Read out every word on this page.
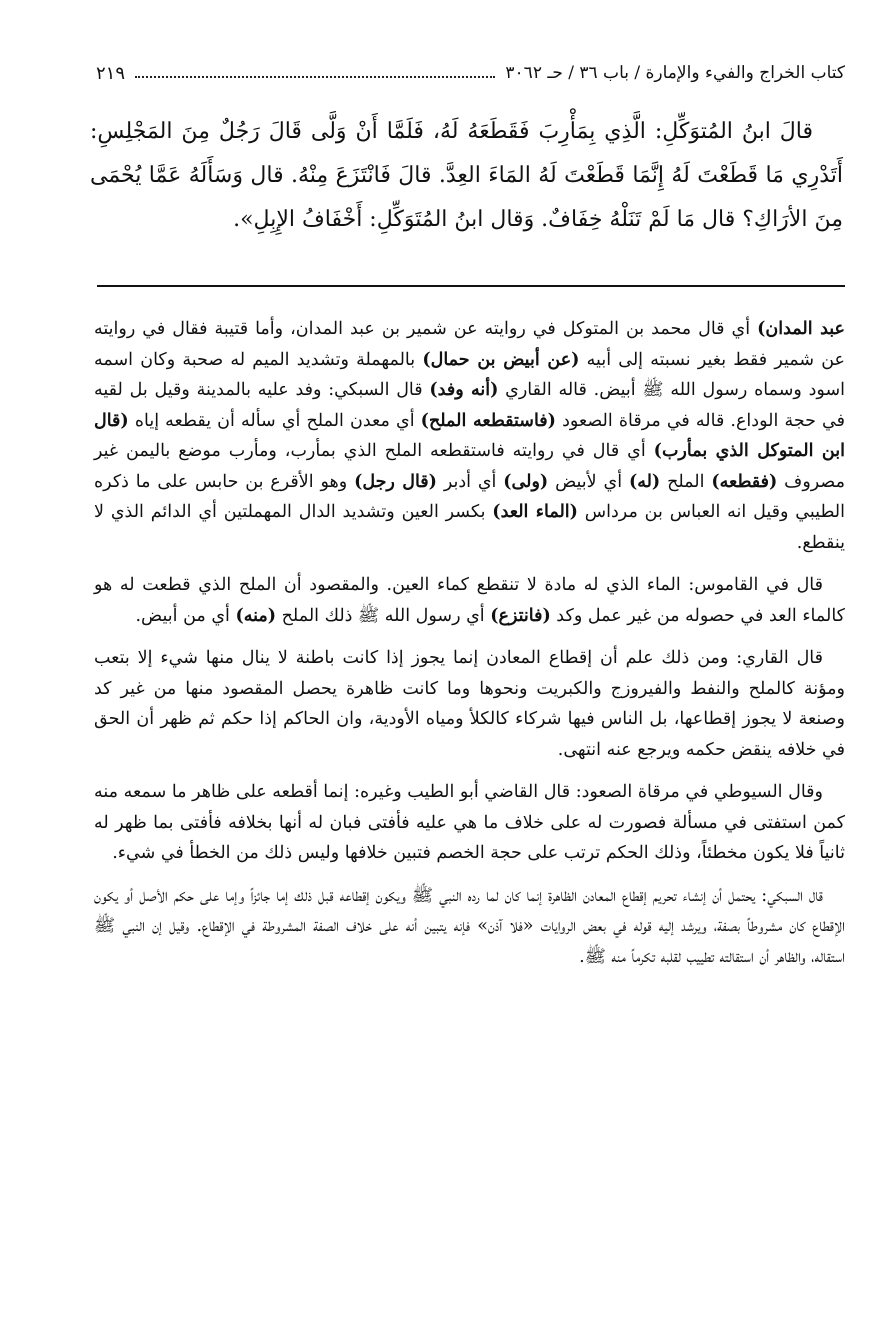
كتاب الخراج والفيء والإمارة / باب ٣٦ / حـ ٣٠٦٢
٢١٩

قالَ ابنُ المُتوَكِّلِ: الَّذِي بِمَأْرِبَ فَقَطَعَهُ لَهُ، فَلَمَّا أَنْ وَلَّى قَالَ رَجُلٌ مِنَ المَجْلِسِ: أَتَدْرِي مَا قَطَعْتَ لَهُ إِنَّمَا قَطَعْتَ لَهُ المَاءَ العِدَّ. قالَ فَانْتَزَعَ مِنْهُ. قال وَسَأَلَهُ عَمَّا يُحْمَى مِنَ الأرَاكِ؟ قال مَا لَمْ تَنَلْهُ خِفَافٌ. وَقال ابنُ المُتَوَكِّلِ: أَخْفَافُ الإِبِلِ».

عبد المدان) أي قال محمد بن المتوكل في روايته عن شمير بن عبد المدان، وأما قتيبة فقال في روايته عن شمير فقط بغير نسبته إلى أبيه (عن أبيض بن حمال) بالمهملة وتشديد الميم له صحبة وكان اسمه اسود وسماه رسول الله ﷺ أبيض. قاله القاري (أنه وفد) قال السبكي: وفد عليه بالمدينة وقيل بل لقيه في حجة الوداع. قاله في مرقاة الصعود (فاستقطعه الملح) أي معدن الملح أي سأله أن يقطعه إياه (قال ابن المتوكل الذي بمأرب) أي قال في روايته فاستقطعه الملح الذي بمأرب، ومأرب موضع باليمن غير مصروف (فقطعه) الملح (له) أي لأبيض (ولى) أي أدبر (قال رجل) وهو الأقرع بن حابس على ما ذكره الطيبي وقيل انه العباس بن مرداس (الماء العد) بكسر العين وتشديد الدال المهملتين أي الدائم الذي لا ينقطع.

قال في القاموس: الماء الذي له مادة لا تنقطع كماء العين. والمقصود أن الملح الذي قطعت له هو كالماء العد في حصوله من غير عمل وكد (فانتزع) أي رسول الله ﷺ ذلك الملح (منه) أي من أبيض.

قال القاري: ومن ذلك علم أن إقطاع المعادن إنما يجوز إذا كانت باطنة لا ينال منها شيء إلا بتعب ومؤنة كالملح والنفط والفيروزج والكبريت ونحوها وما كانت ظاهرة يحصل المقصود منها من غير كد وصنعة لا يجوز إقطاعها، بل الناس فيها شركاء كالكلأ ومياه الأودية، وان الحاكم إذا حكم ثم ظهر أن الحق في خلافه ينقض حكمه ويرجع عنه انتهى.

وقال السيوطي في مرقاة الصعود: قال القاضي أبو الطيب وغيره: إنما أقطعه على ظاهر ما سمعه منه كمن استفتى في مسألة فصورت له على خلاف ما هي عليه فأفتى فبان له أنها بخلافه فأفتى بما ظهر له ثانياً فلا يكون مخطئاً، وذلك الحكم ترتب على حجة الخصم فتبين خلافها وليس ذلك من الخطأ في شيء.

قال السبكي: يحتمل أن إنشاء تحريم إقطاع المعادن الظاهرة إنما كان لما رده النبي ﷺ ويكون إقطاعه قبل ذلك إما جائزاً وإما على حكم الأصل أو يكون الإقطاع كان مشروطاً بصفة، ويرشد إليه قوله في بعض الروايات «فلا آذن» فإنه يتبين أنه على خلاف الصفة المشروطة في الإقطاع. وقيل إن النبي ﷺ استقاله، والظاهر أن استقالته تطييب لقلبه تكرماً منه ﷺ.
